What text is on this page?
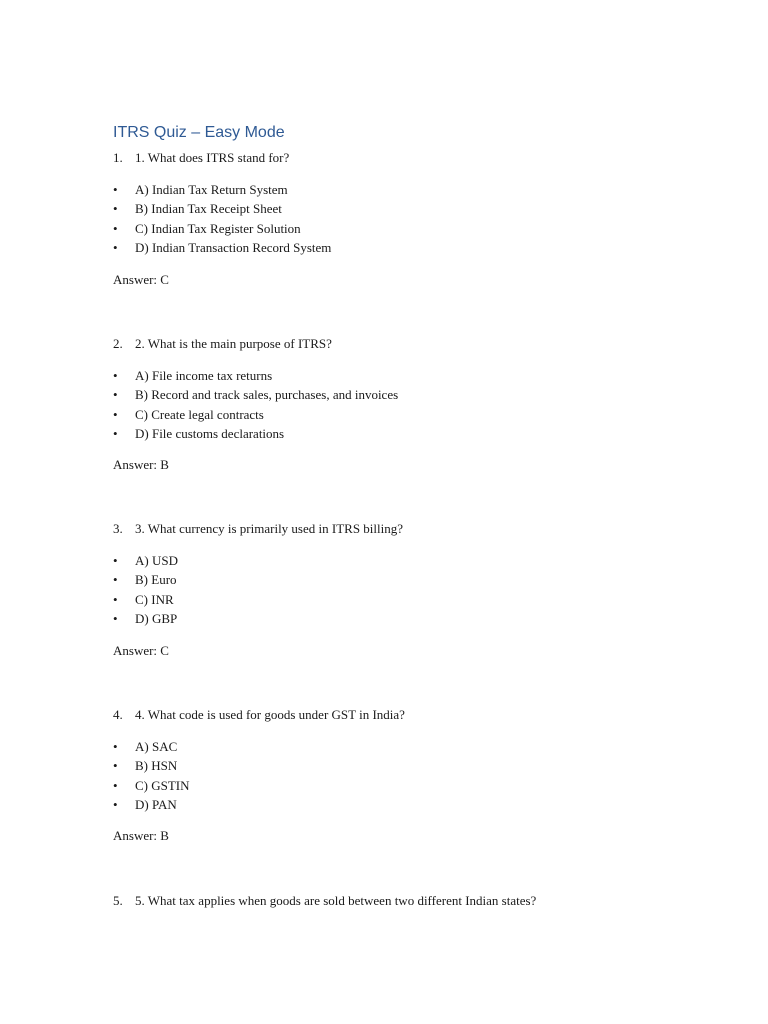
ITRS Quiz – Easy Mode
1. 1. What does ITRS stand for?
• A) Indian Tax Return System
• B) Indian Tax Receipt Sheet
• C) Indian Tax Register Solution
• D) Indian Transaction Record System
Answer: C
2. 2. What is the main purpose of ITRS?
• A) File income tax returns
• B) Record and track sales, purchases, and invoices
• C) Create legal contracts
• D) File customs declarations
Answer: B
3. 3. What currency is primarily used in ITRS billing?
• A) USD
• B) Euro
• C) INR
• D) GBP
Answer: C
4. 4. What code is used for goods under GST in India?
• A) SAC
• B) HSN
• C) GSTIN
• D) PAN
Answer: B
5. 5. What tax applies when goods are sold between two different Indian states?
